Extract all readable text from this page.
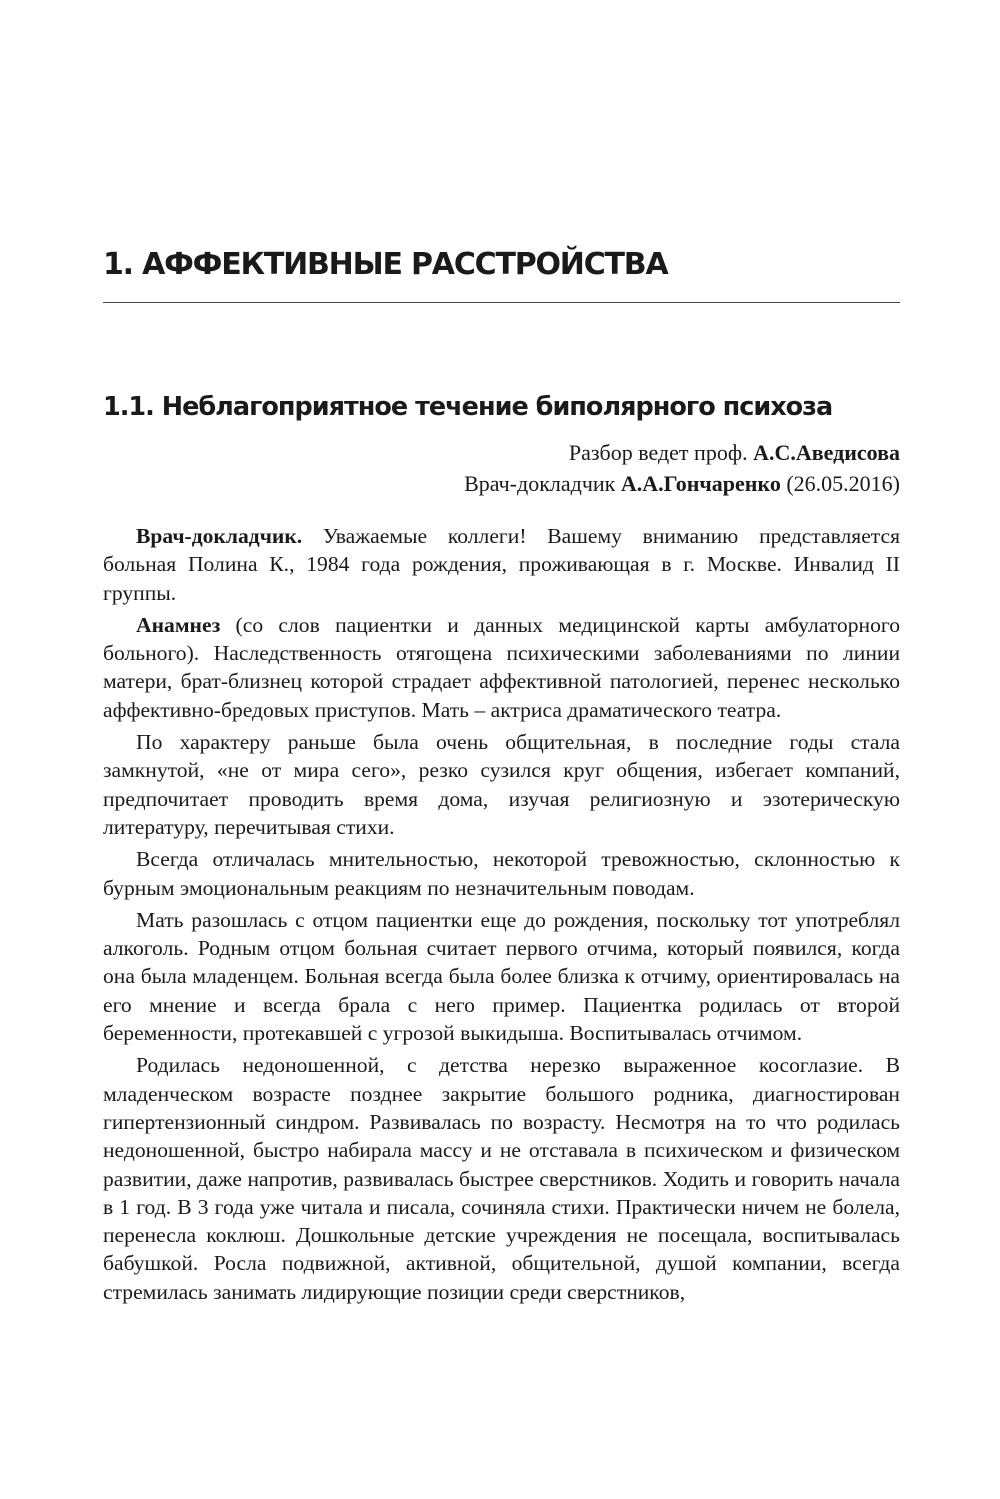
1. АФФЕКТИВНЫЕ РАССТРОЙСТВА
1.1. Неблагоприятное течение биполярного психоза
Разбор ведет проф. А.С.Аведисова
Врач-докладчик А.А.Гончаренко (26.05.2016)

Врач-докладчик. Уважаемые коллеги! Вашему вниманию представляется больная Полина К., 1984 года рождения, проживающая в г. Москве. Инвалид II группы.

Анамнез (со слов пациентки и данных медицинской карты амбулаторного больного). Наследственность отягощена психическими заболеваниями по линии матери, брат-близнец которой страдает аффективной патологией, перенес несколько аффективно-бредовых приступов. Мать – актриса драматического театра.

По характеру раньше была очень общительная, в последние годы стала замкнутой, «не от мира сего», резко сузился круг общения, избегает компаний, предпочитает проводить время дома, изучая религиозную и эзотерическую литературу, перечитывая стихи.

Всегда отличалась мнительностью, некоторой тревожностью, склонностью к бурным эмоциональным реакциям по незначительным поводам.

Мать разошлась с отцом пациентки еще до рождения, поскольку тот употреблял алкоголь. Родным отцом больная считает первого отчима, который появился, когда она была младенцем. Больная всегда была более близка к отчиму, ориентировалась на его мнение и всегда брала с него пример. Пациентка родилась от второй беременности, протекавшей с угрозой выкидыша. Воспитывалась отчимом.

Родилась недоношенной, с детства нерезко выраженное косоглазие. В младенческом возрасте позднее закрытие большого родника, диагностирован гипертензионный синдром. Развивалась по возрасту. Несмотря на то что родилась недоношенной, быстро набирала массу и не отставала в психическом и физическом развитии, даже напротив, развивалась быстрее сверстников. Ходить и говорить начала в 1 год. В 3 года уже читала и писала, сочиняла стихи. Практически ничем не болела, перенесла коклюш. Дошкольные детские учреждения не посещала, воспитывалась бабушкой. Росла подвижной, активной, общительной, душой компании, всегда стремилась занимать лидирующие позиции среди сверстников,
